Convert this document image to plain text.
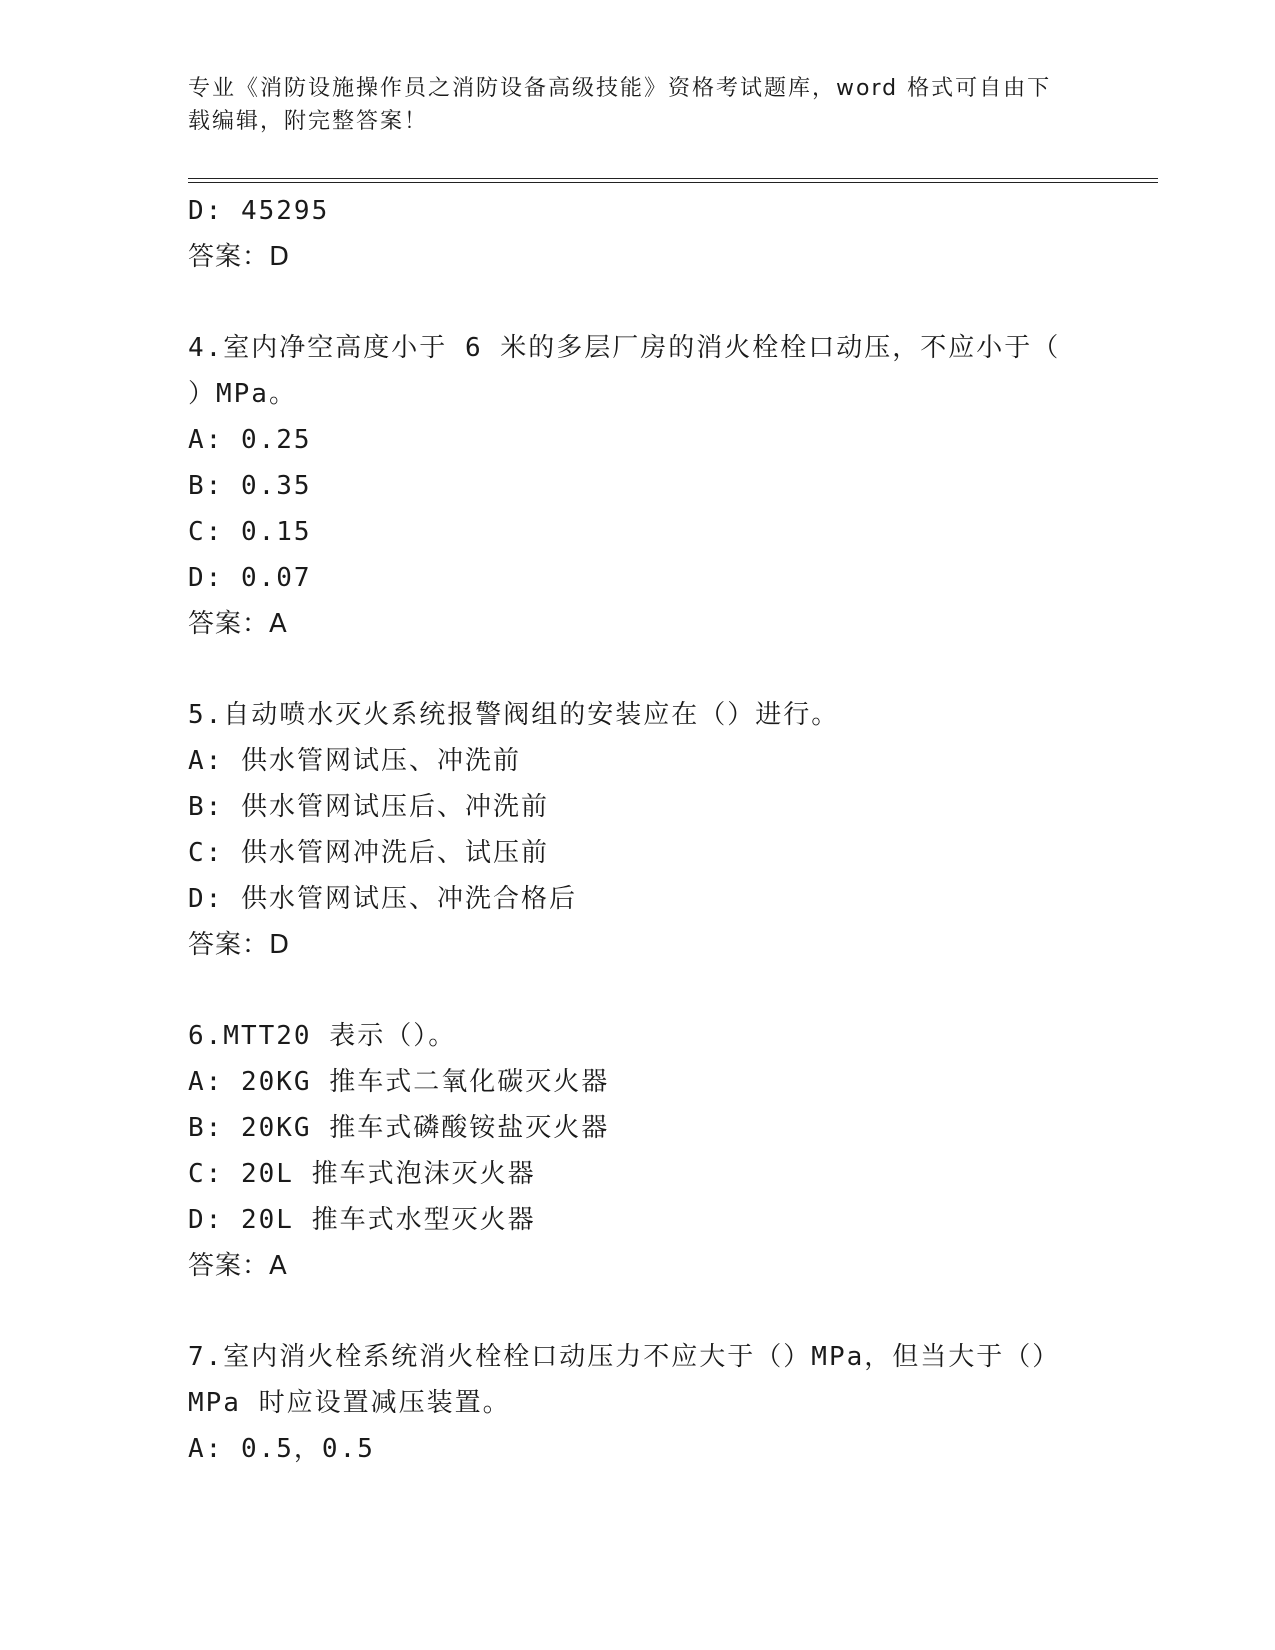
专业《消防设施操作员之消防设备高级技能》资格考试题库，word 格式可自由下
载编辑，附完整答案！
D: 45295
答案：D
4.室内净空高度小于 6 米的多层厂房的消火栓栓口动压，不应小于（
）MPa。
A: 0.25
B: 0.35
C: 0.15
D: 0.07
答案：A
5.自动喷水灭火系统报警阀组的安装应在（）进行。
A: 供水管网试压、冲洗前
B: 供水管网试压后、冲洗前
C: 供水管网冲洗后、试压前
D: 供水管网试压、冲洗合格后
答案：D
6.MTT20 表示（）。
A: 20KG 推车式二氧化碳灭火器
B: 20KG 推车式磷酸铵盐灭火器
C: 20L 推车式泡沫灭火器
D: 20L 推车式水型灭火器
答案：A
7.室内消火栓系统消火栓栓口动压力不应大于（）MPa，但当大于（）
MPa 时应设置减压装置。
A: 0.5，0.5
